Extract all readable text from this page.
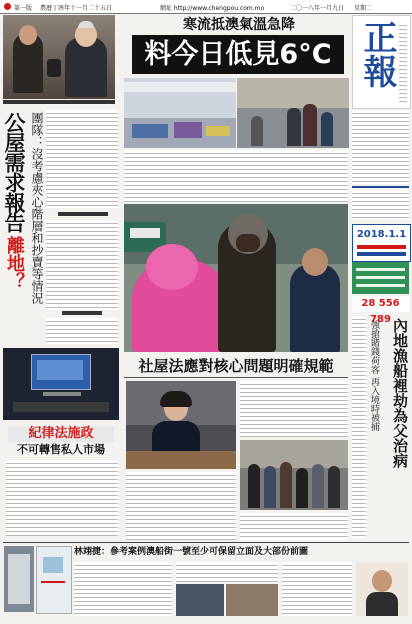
第一版 農曆丁酉年十一月二十五日	網址 http://www.chengpou.com.mo	二〇一八年一月九日 星期二
公屋需求報告
離地？ 團隊：沒考慮夾心階層和抄賣等情況
紀律法施政
不可轉售私人市場
寒流抵澳氣溫急降
料今日低見6°C
社屋法應對核心問題明確規範
正報
2018.1.1
28 556 789 內地漁船裡劫為父治病
強搶賭錢荷客 再入境時被捕
林翊捷：參考案例澳船街一號至少可保留立面及大部份前圖
